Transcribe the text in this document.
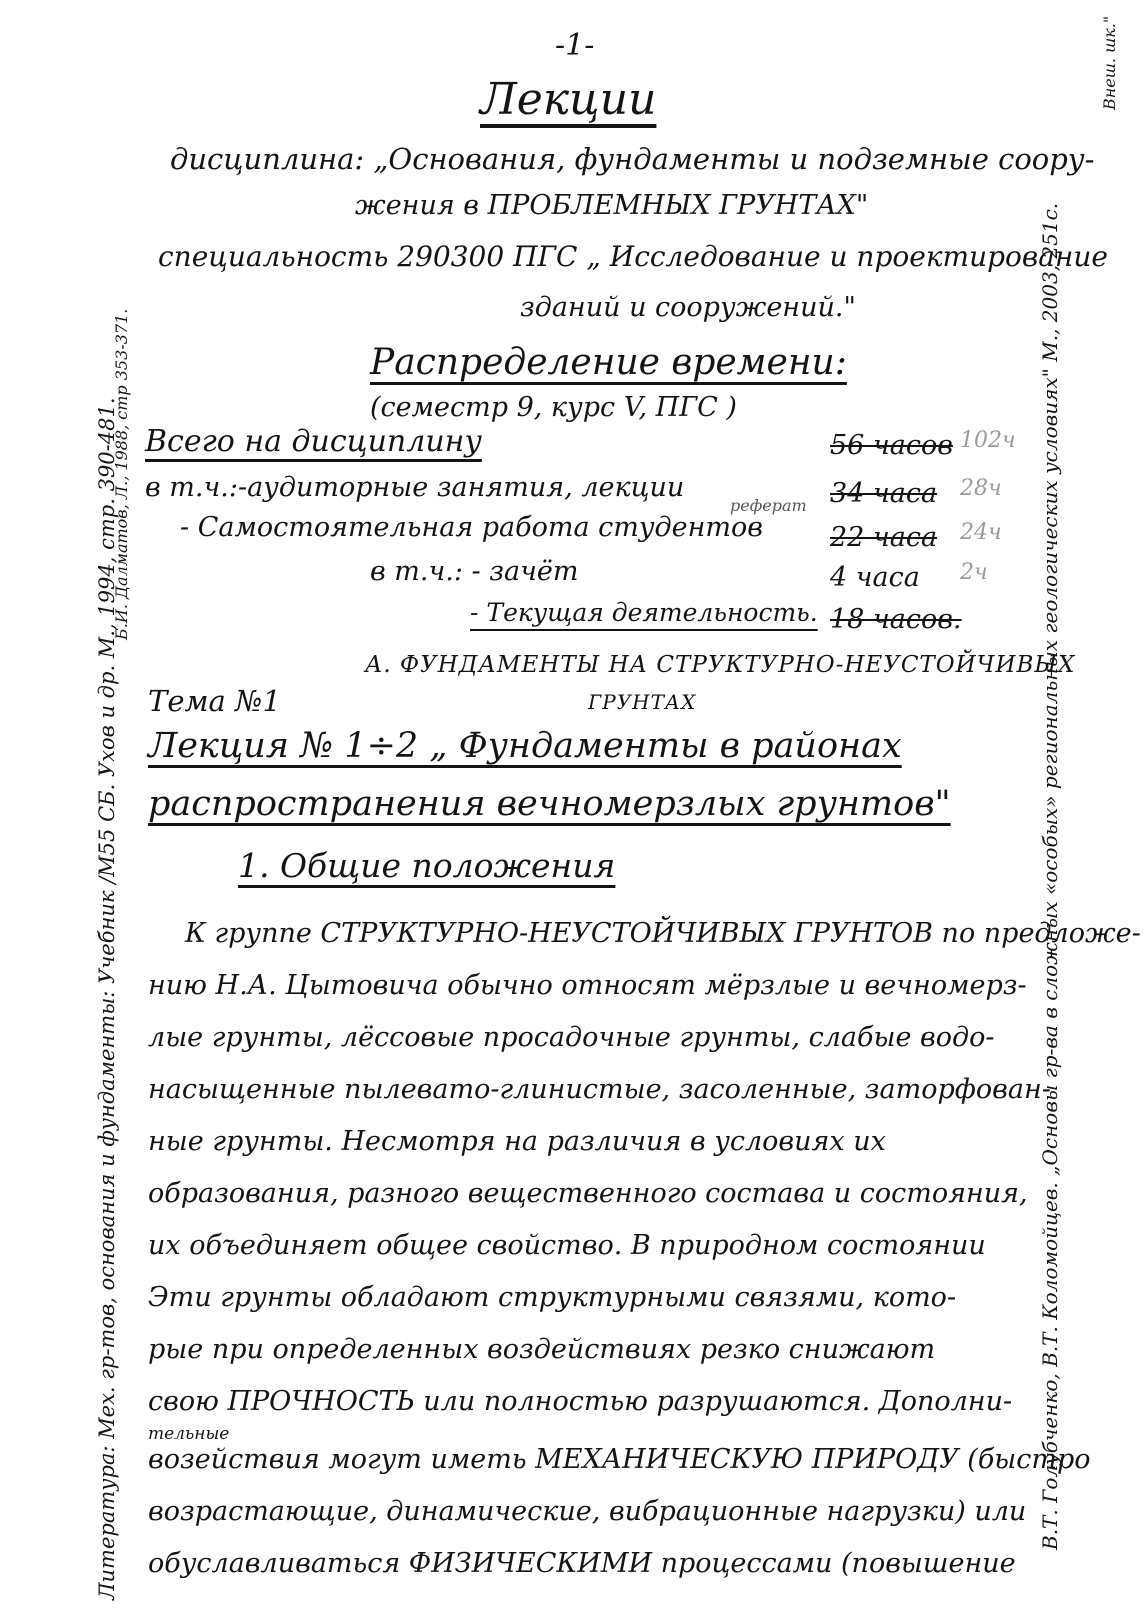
-1-
Лекции
дисциплина: „Основания, фундаменты и подземные соору-
жения в ПРОБЛЕМНЫХ ГРУНТАХ"
специальность 290300 ПГС „ Исследование и проектирование
зданий и сооружений."
Распределение времени:
(семестр 9, курс V, ПГС )
Всего на дисциплину	56 часов 102ч
в т.ч.:-аудиторные занятия, лекции	34 часа 28ч
реферат
- Самостоятельная работа студентов 22 часа 24ч
в т.ч.: - зачёт	4 часа 2ч
- Текущая деятельность. 18 часов.
А. ФУНДАМЕНТЫ НА СТРУКТУРНО-НЕУСТОЙЧИВЫХ
ГРУНТАХ
Тема №1
Лекция № 1÷2 „ Фундаменты в районах
распространения вечномерзлых грунтов"
1. Общие положения
К группе СТРУКТУРНО-НЕУСТОЙЧИВЫХ ГРУНТОВ по предложе-
нию Н.А. Цытовича обычно относят мёрзлые и вечномерз-
лые грунты, лёссовые просадочные грунты, слабые водо-
насыщенные пылевато-глинистые, засоленные, заторфован-
ные грунты. Несмотря на различия в условиях их
образования, разного вещественного состава и состояния,
их объединяет общее свойство. В природном состоянии
Эти грунты обладают структурными связями, кото-
рые при определенных воздействиях резко снижают
свою ПРОЧНОСТЬ или полностью разрушаются. Дополни-
тельные
возействия могут иметь МЕХАНИЧЕСКУЮ ПРИРОДУ (быстро
возрастающие, динамические, вибрационные нагрузки) или
обуславливаться ФИЗИЧЕСКИМИ процессами (повышение
Литература: Мех. гр-тов, основания и фундаменты: Учебник /М55 СБ. Ухов и др. М., 1994, стр. 390-481.
Б.И. Далматов, Л., 1988, стр 353-371.	В.Т. Голубченко, В.Т. Коломойцев. „Основы гр-ва в сложных «особых» региональных геологических условиях" М., 2003, 251с.
Внеш. шк."
